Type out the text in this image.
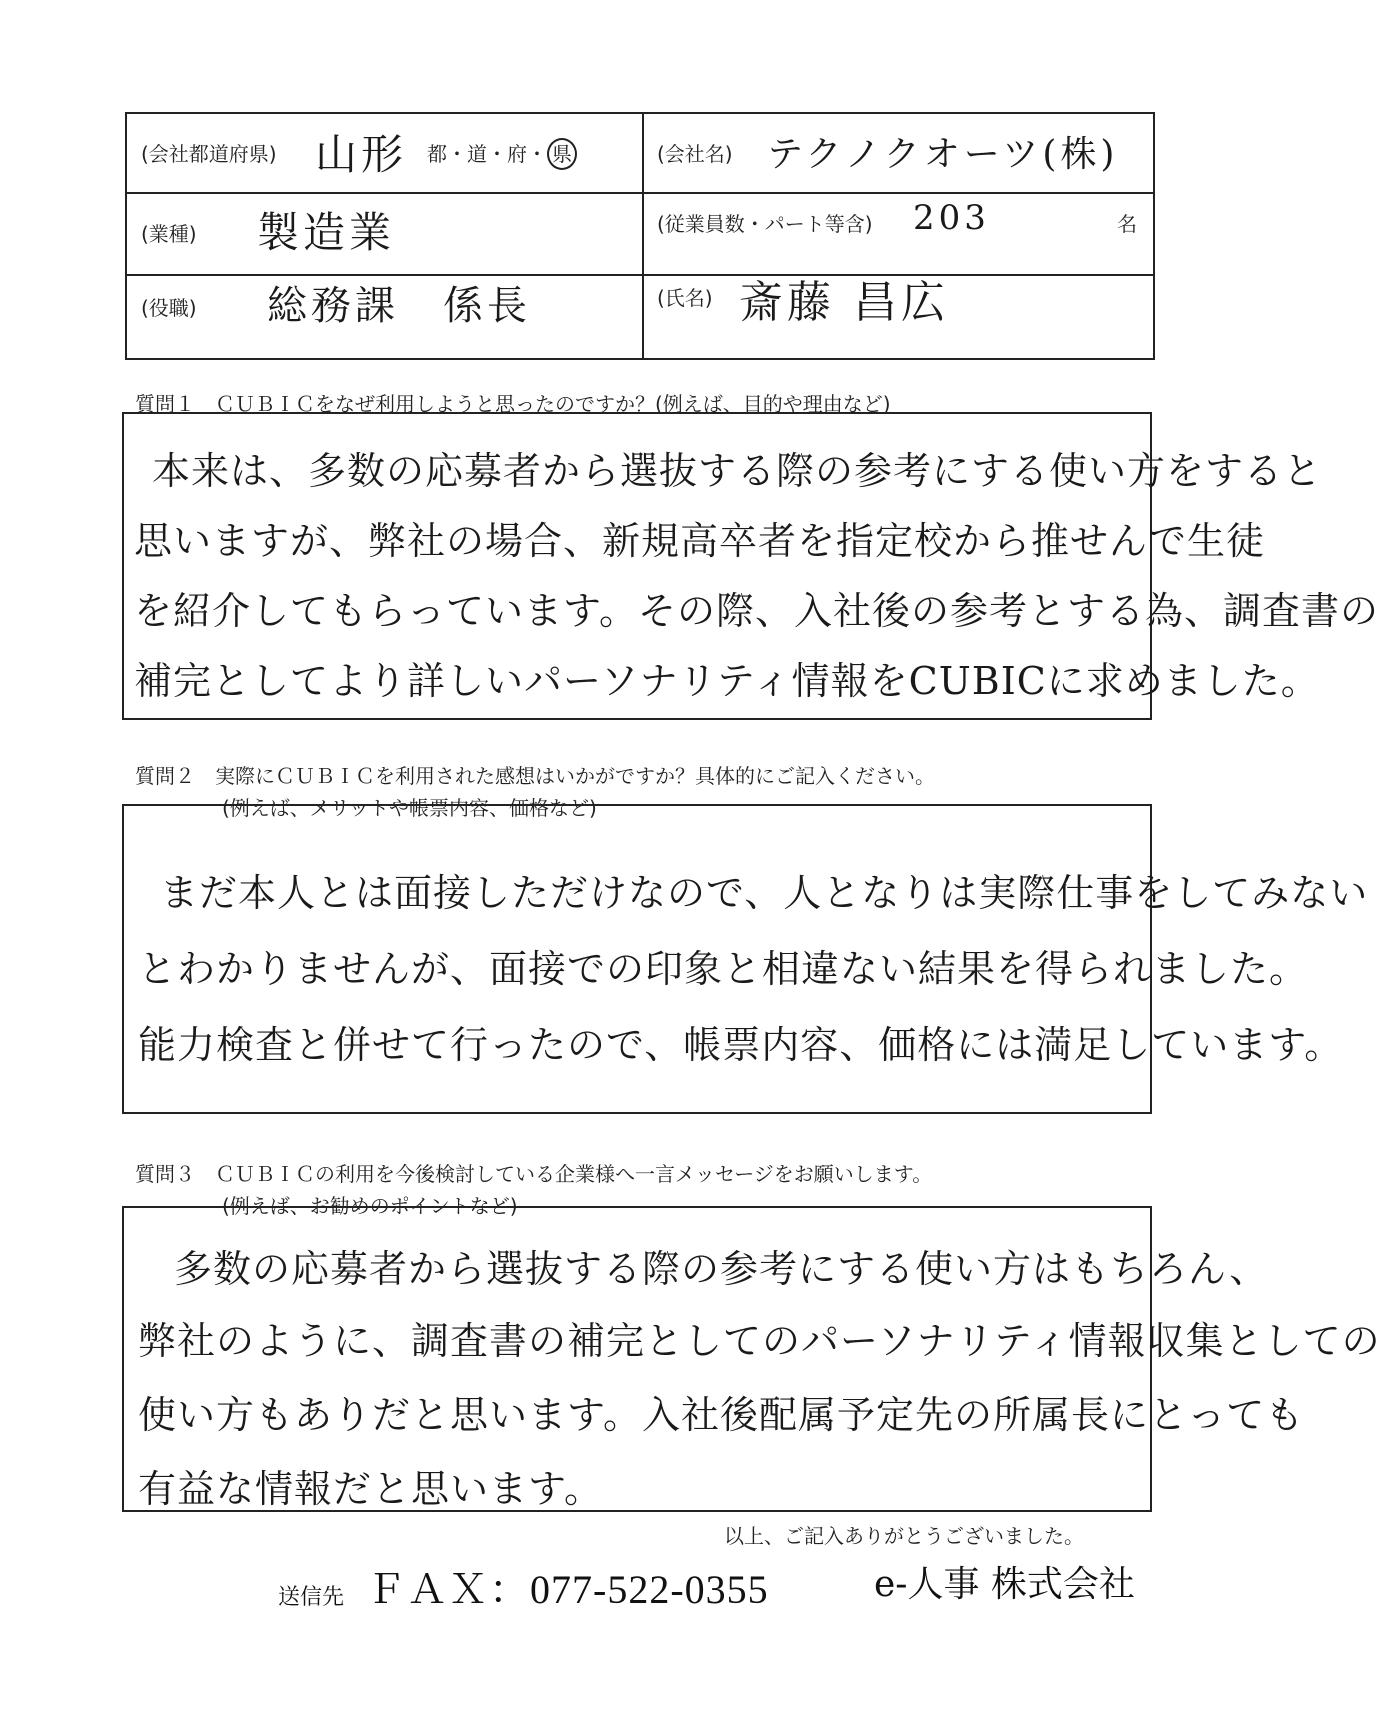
(会社都道府県) 山形 都・道・府・ 県	(会社名) テクノクオーツ(株)
(業種) 製造業	(従業員数・パート等含) 203	名
(役職) 総務課　係長	(氏名) 斎藤 昌広
質問１　ＣＵＢＩＣをなぜ利用しようと思ったのですか？(例えば、目的や理由など)
本来は、多数の応募者から選抜する際の参考にする使い方をすると
思いますが、弊社の場合、新規高卒者を指定校から推せんで生徒
を紹介してもらっています。その際、入社後の参考とする為、調査書の
補完としてより詳しいパーソナリティ情報をCUBICに求めました。
質問２　実際にＣＵＢＩＣを利用された感想はいかがですか？具体的にご記入ください。
(例えば、メリットや帳票内容、価格など)
まだ本人とは面接しただけなので、人となりは実際仕事をしてみない
とわかりませんが、面接での印象と相違ない結果を得られました。
能力検査と併せて行ったので、帳票内容、価格には満足しています。
質問３　ＣＵＢＩＣの利用を今後検討している企業様へ一言メッセージをお願いします。
(例えば、お勧めのポイントなど)
多数の応募者から選抜する際の参考にする使い方はもちろん、
弊社のように、調査書の補完としてのパーソナリティ情報収集としての
使い方もありだと思います。入社後配属予定先の所属長にとっても
有益な情報だと思います。
以上、ご記入ありがとうございました。
送信先 ＦＡＸ：077-522-0355	e-人事 株式会社
